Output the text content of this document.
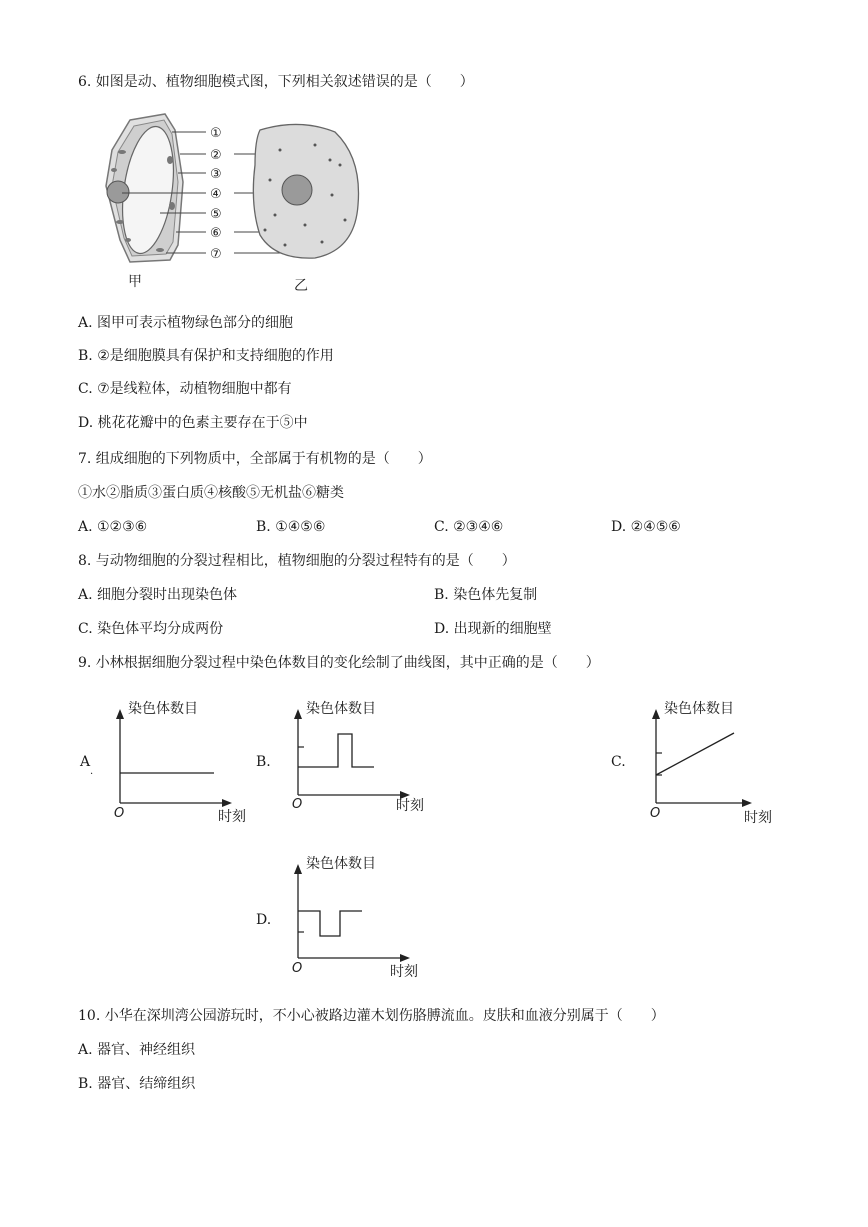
6. 如图是动、植物细胞模式图，下列相关叙述错误的是（　　）
①
②
③
④
⑤
⑥
⑦
甲	乙
A. 图甲可表示植物绿色部分的细胞
B. ②是细胞膜具有保护和支持细胞的作用
C. ⑦是线粒体，动植物细胞中都有
D. 桃花花瓣中的色素主要存在于⑤中
7. 组成细胞的下列物质中，全部属于有机物的是（　　）
①水②脂质③蛋白质④核酸⑤无机盐⑥糖类
A. ①②③⑥	B. ①④⑤⑥	C. ②③④⑥	D. ②④⑤⑥
8. 与动物细胞的分裂过程相比，植物细胞的分裂过程特有的是（　　）
A. 细胞分裂时出现染色体	B. 染色体先复制
C. 染色体平均分成两份	D. 出现新的细胞壁
9. 小林根据细胞分裂过程中染色体数目的变化绘制了曲线图，其中正确的是（　　）
A
.
染色体数目
O	时刻
B.
染色体数目
O	时刻
C.
染色体数目
O	时刻
D.
染色体数目
O	时刻
10. 小华在深圳湾公园游玩时，不小心被路边灌木划伤胳膊流血。皮肤和血液分别属于（　　）
A. 器官、神经组织
B. 器官、结缔组织
